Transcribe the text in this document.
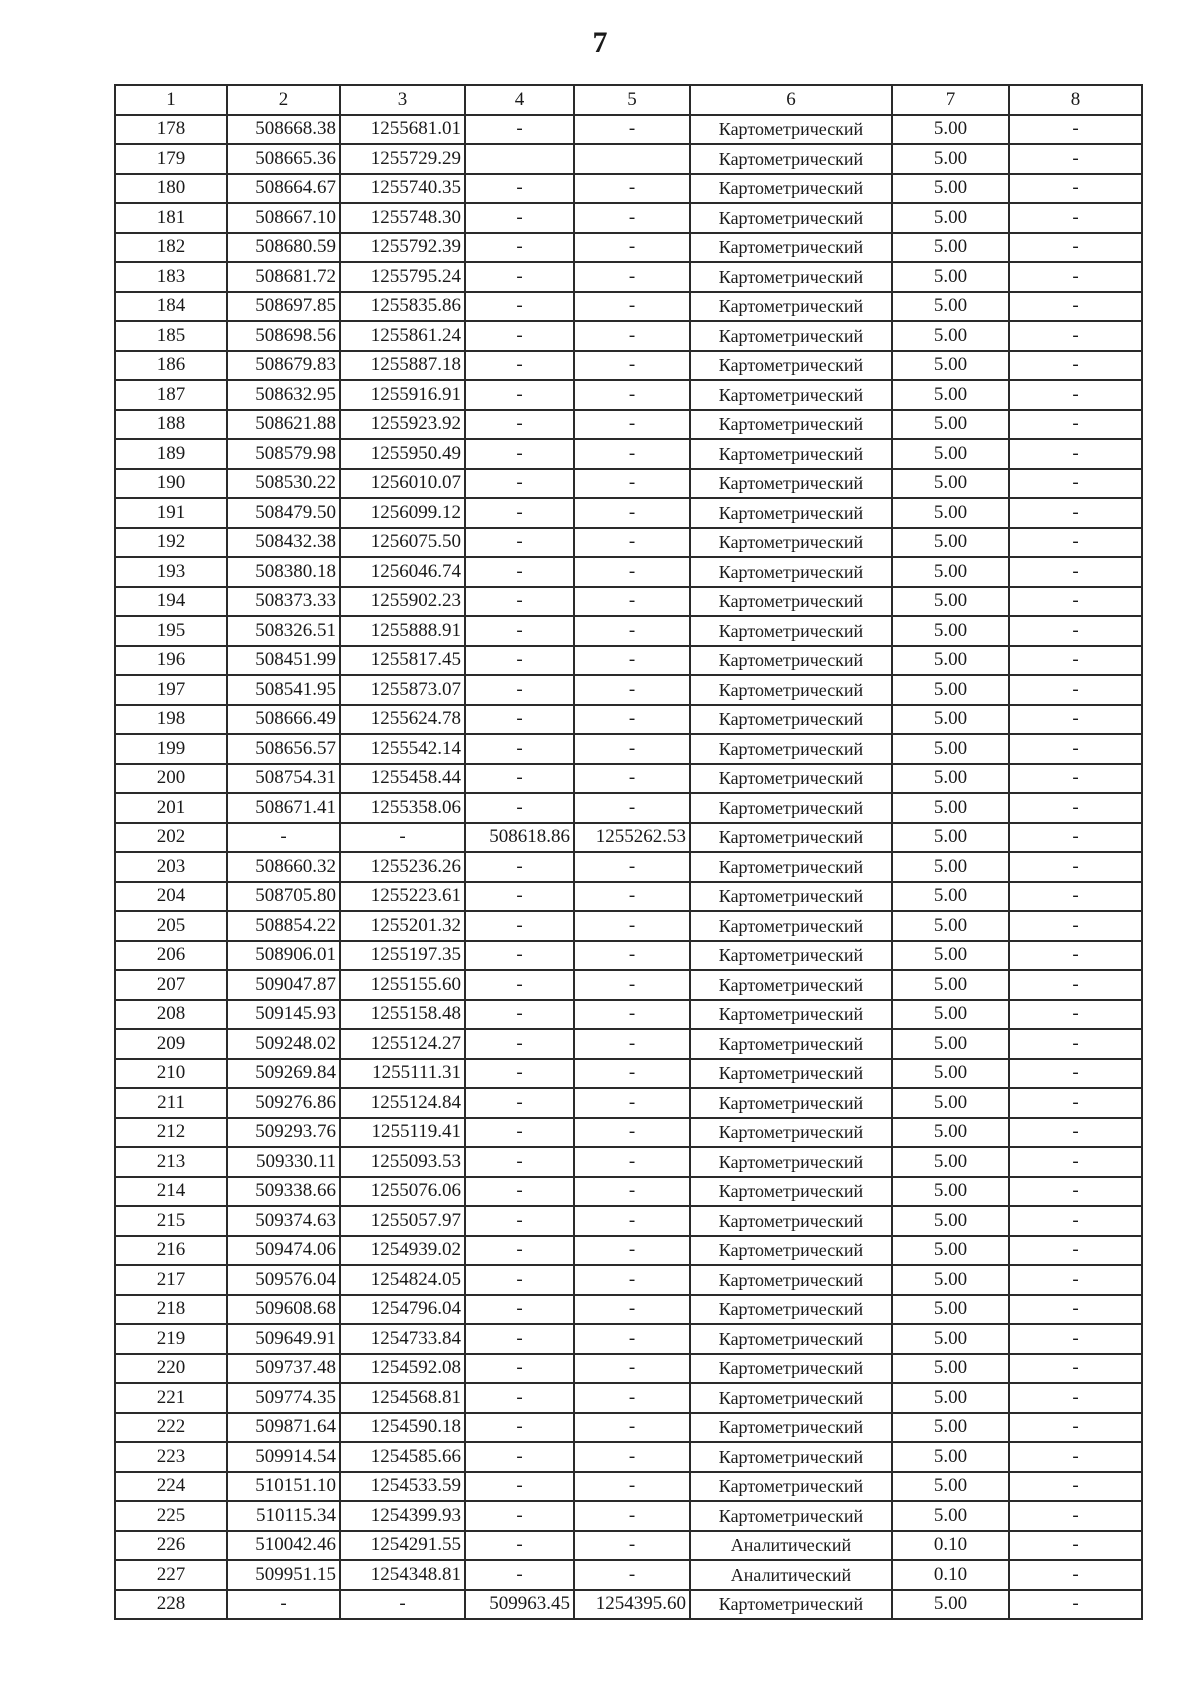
7
1	2	3	4	5	6	7	8
178	508668.38	1255681.01	-	-	Картометрический	5.00	-
179	508665.36	1255729.29			Картометрический	5.00	-
180	508664.67	1255740.35	-	-	Картометрический	5.00	-
181	508667.10	1255748.30	-	-	Картометрический	5.00	-
182	508680.59	1255792.39	-	-	Картометрический	5.00	-
183	508681.72	1255795.24	-	-	Картометрический	5.00	-
184	508697.85	1255835.86	-	-	Картометрический	5.00	-
185	508698.56	1255861.24	-	-	Картометрический	5.00	-
186	508679.83	1255887.18	-	-	Картометрический	5.00	-
187	508632.95	1255916.91	-	-	Картометрический	5.00	-
188	508621.88	1255923.92	-	-	Картометрический	5.00	-
189	508579.98	1255950.49	-	-	Картометрический	5.00	-
190	508530.22	1256010.07	-	-	Картометрический	5.00	-
191	508479.50	1256099.12	-	-	Картометрический	5.00	-
192	508432.38	1256075.50	-	-	Картометрический	5.00	-
193	508380.18	1256046.74	-	-	Картометрический	5.00	-
194	508373.33	1255902.23	-	-	Картометрический	5.00	-
195	508326.51	1255888.91	-	-	Картометрический	5.00	-
196	508451.99	1255817.45	-	-	Картометрический	5.00	-
197	508541.95	1255873.07	-	-	Картометрический	5.00	-
198	508666.49	1255624.78	-	-	Картометрический	5.00	-
199	508656.57	1255542.14	-	-	Картометрический	5.00	-
200	508754.31	1255458.44	-	-	Картометрический	5.00	-
201	508671.41	1255358.06	-	-	Картометрический	5.00	-
202	-	-	508618.86	1255262.53	Картометрический	5.00	-
203	508660.32	1255236.26	-	-	Картометрический	5.00	-
204	508705.80	1255223.61	-	-	Картометрический	5.00	-
205	508854.22	1255201.32	-	-	Картометрический	5.00	-
206	508906.01	1255197.35	-	-	Картометрический	5.00	-
207	509047.87	1255155.60	-	-	Картометрический	5.00	-
208	509145.93	1255158.48	-	-	Картометрический	5.00	-
209	509248.02	1255124.27	-	-	Картометрический	5.00	-
210	509269.84	1255111.31	-	-	Картометрический	5.00	-
211	509276.86	1255124.84	-	-	Картометрический	5.00	-
212	509293.76	1255119.41	-	-	Картометрический	5.00	-
213	509330.11	1255093.53	-	-	Картометрический	5.00	-
214	509338.66	1255076.06	-	-	Картометрический	5.00	-
215	509374.63	1255057.97	-	-	Картометрический	5.00	-
216	509474.06	1254939.02	-	-	Картометрический	5.00	-
217	509576.04	1254824.05	-	-	Картометрический	5.00	-
218	509608.68	1254796.04	-	-	Картометрический	5.00	-
219	509649.91	1254733.84	-	-	Картометрический	5.00	-
220	509737.48	1254592.08	-	-	Картометрический	5.00	-
221	509774.35	1254568.81	-	-	Картометрический	5.00	-
222	509871.64	1254590.18	-	-	Картометрический	5.00	-
223	509914.54	1254585.66	-	-	Картометрический	5.00	-
224	510151.10	1254533.59	-	-	Картометрический	5.00	-
225	510115.34	1254399.93	-	-	Картометрический	5.00	-
226	510042.46	1254291.55	-	-	Аналитический	0.10	-
227	509951.15	1254348.81	-	-	Аналитический	0.10	-
228	-	-	509963.45	1254395.60	Картометрический	5.00	-
